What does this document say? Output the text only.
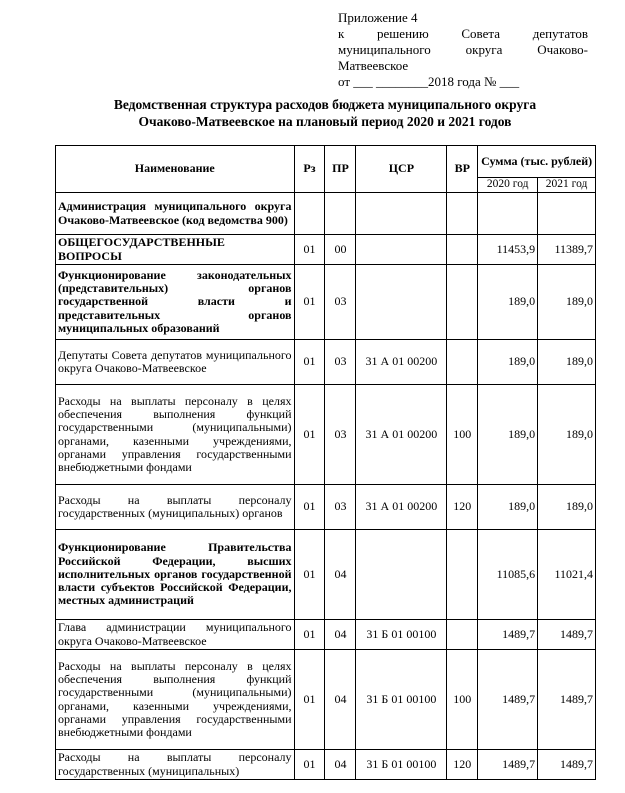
Приложение 4
к	решению	Совета	депутатов
муниципального	округа	Очаково-
Матвеевское
от ___ ________2018 года № ___
Ведомственная структура расходов бюджета муниципального округа
Очаково-Матвеевское на плановый период 2020 и 2021 годов
Наименование	Рз	ПР	ЦСР	ВР	Сумма (тыс. рублей)	
					2020 год	2021 год
Администрация муниципального округа Очаково-Матвеевское (код ведомства 900)						
ОБЩЕГОСУДАРСТВЕННЫЕ ВОПРОСЫ	01	00			11453,9	11389,7
Функционирование законодательных (представительных) органов государственной власти и представительных органов муниципальных образований	01	03			189,0	189,0
Депутаты Совета депутатов муниципального округа Очаково-Матвеевское	01	03	31 А 01 00200		189,0	189,0
Расходы на выплаты персоналу в целях обеспечения выполнения функций государственными (муниципальными) органами, казенными учреждениями, органами управления государственными внебюджетными фондами	01	03	31 А 01 00200	100	189,0	189,0
Расходы на выплаты персоналу государственных (муниципальных) органов	01	03	31 А 01 00200	120	189,0	189,0
Функционирование Правительства Российской Федерации, высших исполнительных органов государственной власти субъектов Российской Федерации, местных администраций	01	04			11085,6	11021,4
Глава администрации муниципального округа Очаково-Матвеевское	01	04	31 Б 01 00100		1489,7	1489,7
Расходы на выплаты персоналу в целях обеспечения выполнения функций государственными (муниципальными) органами, казенными учреждениями, органами управления государственными внебюджетными фондами	01	04	31 Б 01 00100	100	1489,7	1489,7
Расходы на выплаты персоналу государственных (муниципальных)	01	04	31 Б 01 00100	120	1489,7	1489,7
